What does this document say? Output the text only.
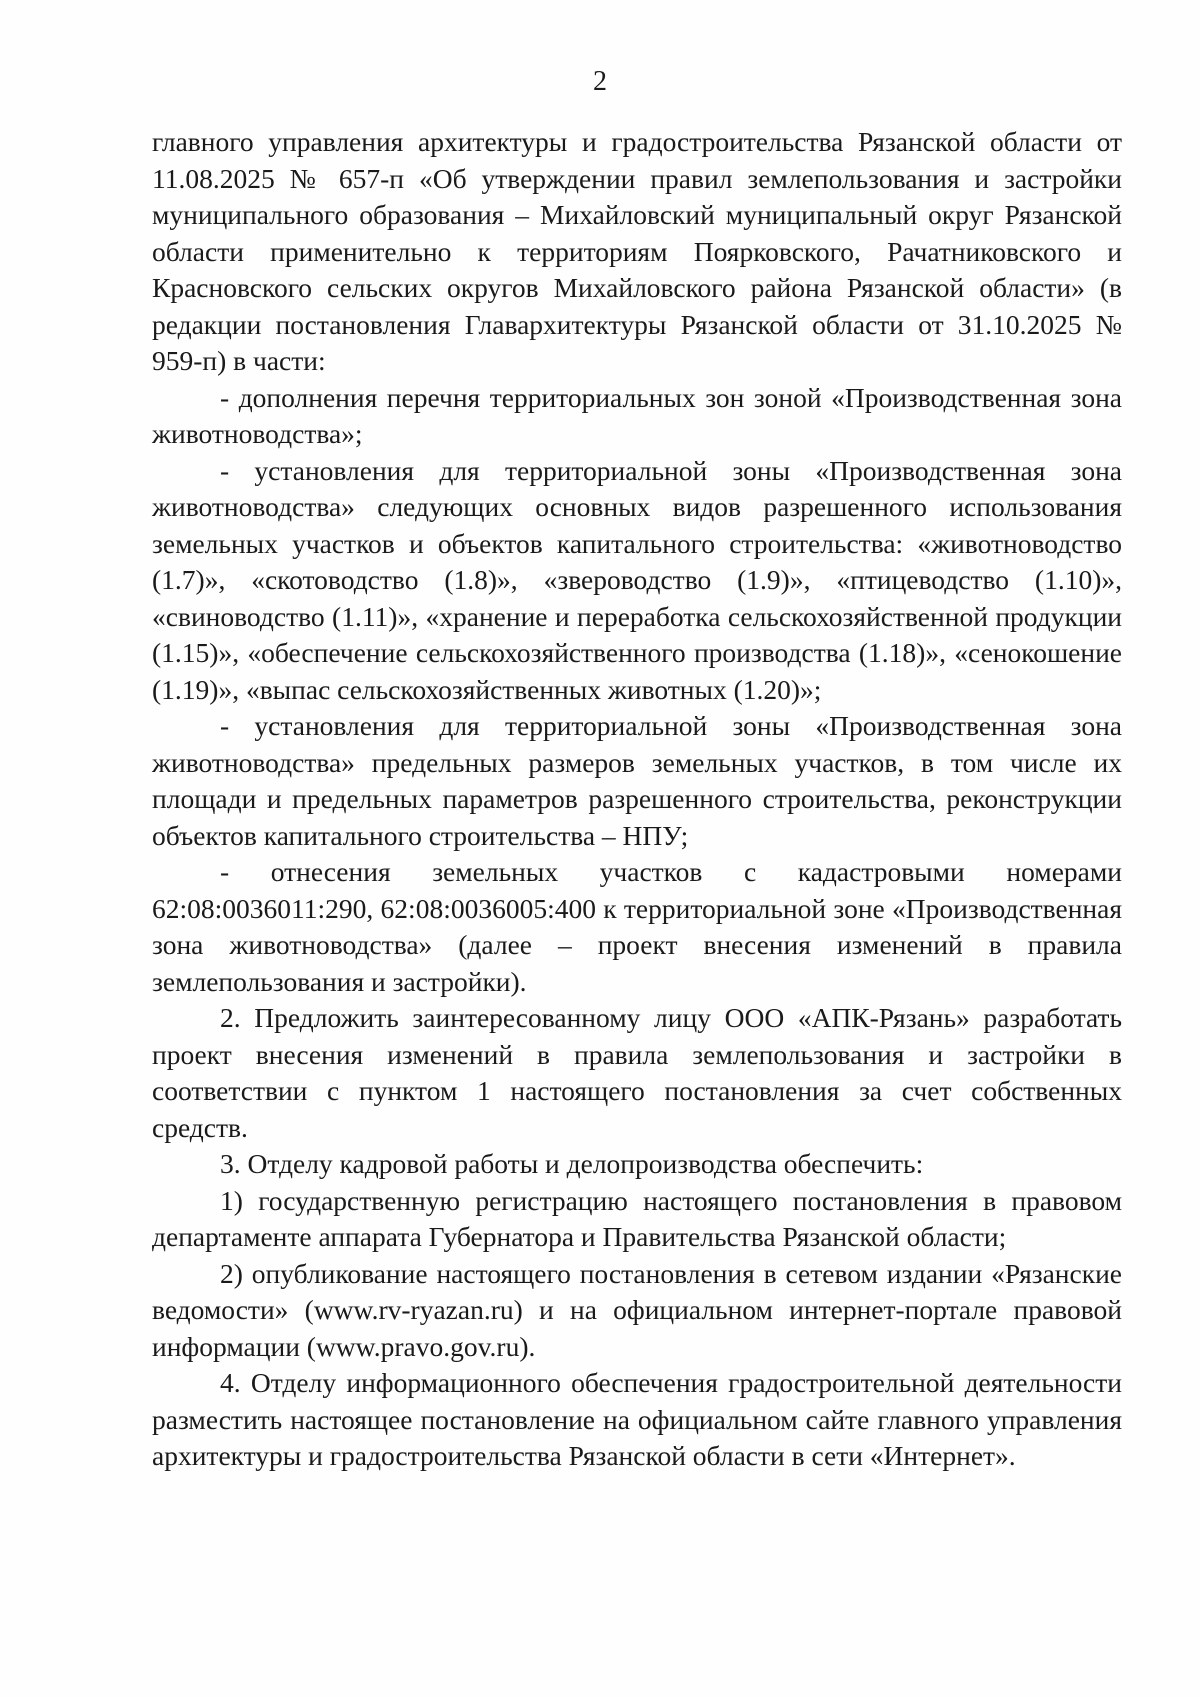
2

главного управления архитектуры и градостроительства Рязанской области от 11.08.2025 № 657-п «Об утверждении правил землепользования и застройки муниципального образования – Михайловский муниципальный округ Рязанской области применительно к территориям Поярковского, Рачатниковского и Красновского сельских округов Михайловского района Рязанской области» (в редакции постановления Главархитектуры Рязанской области от 31.10.2025 № 959-п) в части:

- дополнения перечня территориальных зон зоной «Производственная зона животноводства»;

- установления для территориальной зоны «Производственная зона животноводства» следующих основных видов разрешенного использования земельных участков и объектов капитального строительства: «животноводство (1.7)», «скотоводство (1.8)», «звероводство (1.9)», «птицеводство (1.10)», «свиноводство (1.11)», «хранение и переработка сельскохозяйственной продукции (1.15)», «обеспечение сельскохозяйственного производства (1.18)», «сенокошение (1.19)», «выпас сельскохозяйственных животных (1.20)»;

- установления для территориальной зоны «Производственная зона животноводства» предельных размеров земельных участков, в том числе их площади и предельных параметров разрешенного строительства, реконструкции объектов капитального строительства – НПУ;

- отнесения земельных участков с кадастровыми номерами 62:08:0036011:290, 62:08:0036005:400 к территориальной зоне «Производственная зона животноводства» (далее – проект внесения изменений в правила землепользования и застройки).

2. Предложить заинтересованному лицу ООО «АПК-Рязань» разработать проект внесения изменений в правила землепользования и застройки в соответствии с пунктом 1 настоящего постановления за счет собственных средств.

3. Отделу кадровой работы и делопроизводства обеспечить:

1) государственную регистрацию настоящего постановления в правовом департаменте аппарата Губернатора и Правительства Рязанской области;

2) опубликование настоящего постановления в сетевом издании «Рязанские ведомости» (www.rv-ryazan.ru) и на официальном интернет-портале правовой информации (www.pravo.gov.ru).

4. Отделу информационного обеспечения градостроительной деятельности разместить настоящее постановление на официальном сайте главного управления архитектуры и градостроительства Рязанской области в сети «Интернет».
